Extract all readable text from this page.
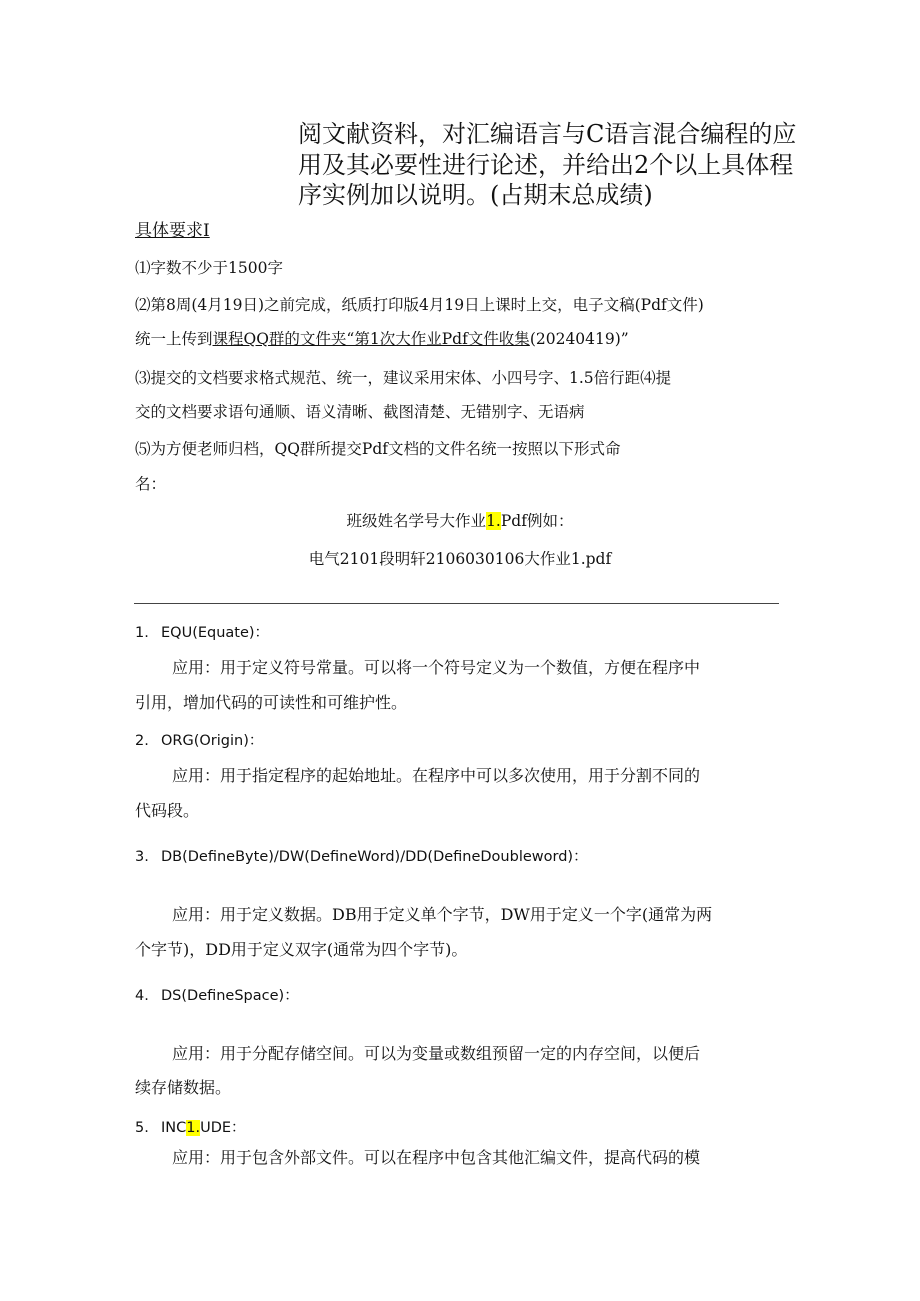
阅文献资料，对汇编语言与C语言混合编程的应
用及其必要性进行论述，并给出2个以上具体程
序实例加以说明。(占期末总成绩)
具体要求I
⑴字数不少于1500字
⑵第8周(4月19日)之前完成，纸质打印版4月19日上课时上交，电子文稿(Pdf文件)
统一上传到课程QQ群的文件夹“第1次大作业Pdf文件收集(20240419)”
⑶提交的文档要求格式规范、统一，建议采用宋体、小四号字、1.5倍行距⑷提
交的文档要求语句通顺、语义清晰、截图清楚、无错别字、无语病
⑸为方便老师归档，QQ群所提交Pdf文档的文件名统一按照以下形式命
名：
班级姓名学号大作业1.Pdf例如：
电气2101段明轩2106030106大作业1.pdf
1. EQU(Equate)：
应用：用于定义符号常量。可以将一个符号定义为一个数值，方便在程序中
引用，增加代码的可读性和可维护性。
2. ORG(Origin)：
应用：用于指定程序的起始地址。在程序中可以多次使用，用于分割不同的
代码段。
3. DB(DefineByte)/DW(DefineWord)/DD(DefineDoubleword)：
应用：用于定义数据。DB用于定义单个字节，DW用于定义一个字(通常为两
个字节)，DD用于定义双字(通常为四个字节)。
4. DS(DefineSpace)：
应用：用于分配存储空间。可以为变量或数组预留一定的内存空间，以便后
续存储数据。
5. INC1.UDE：
应用：用于包含外部文件。可以在程序中包含其他汇编文件，提高代码的模
